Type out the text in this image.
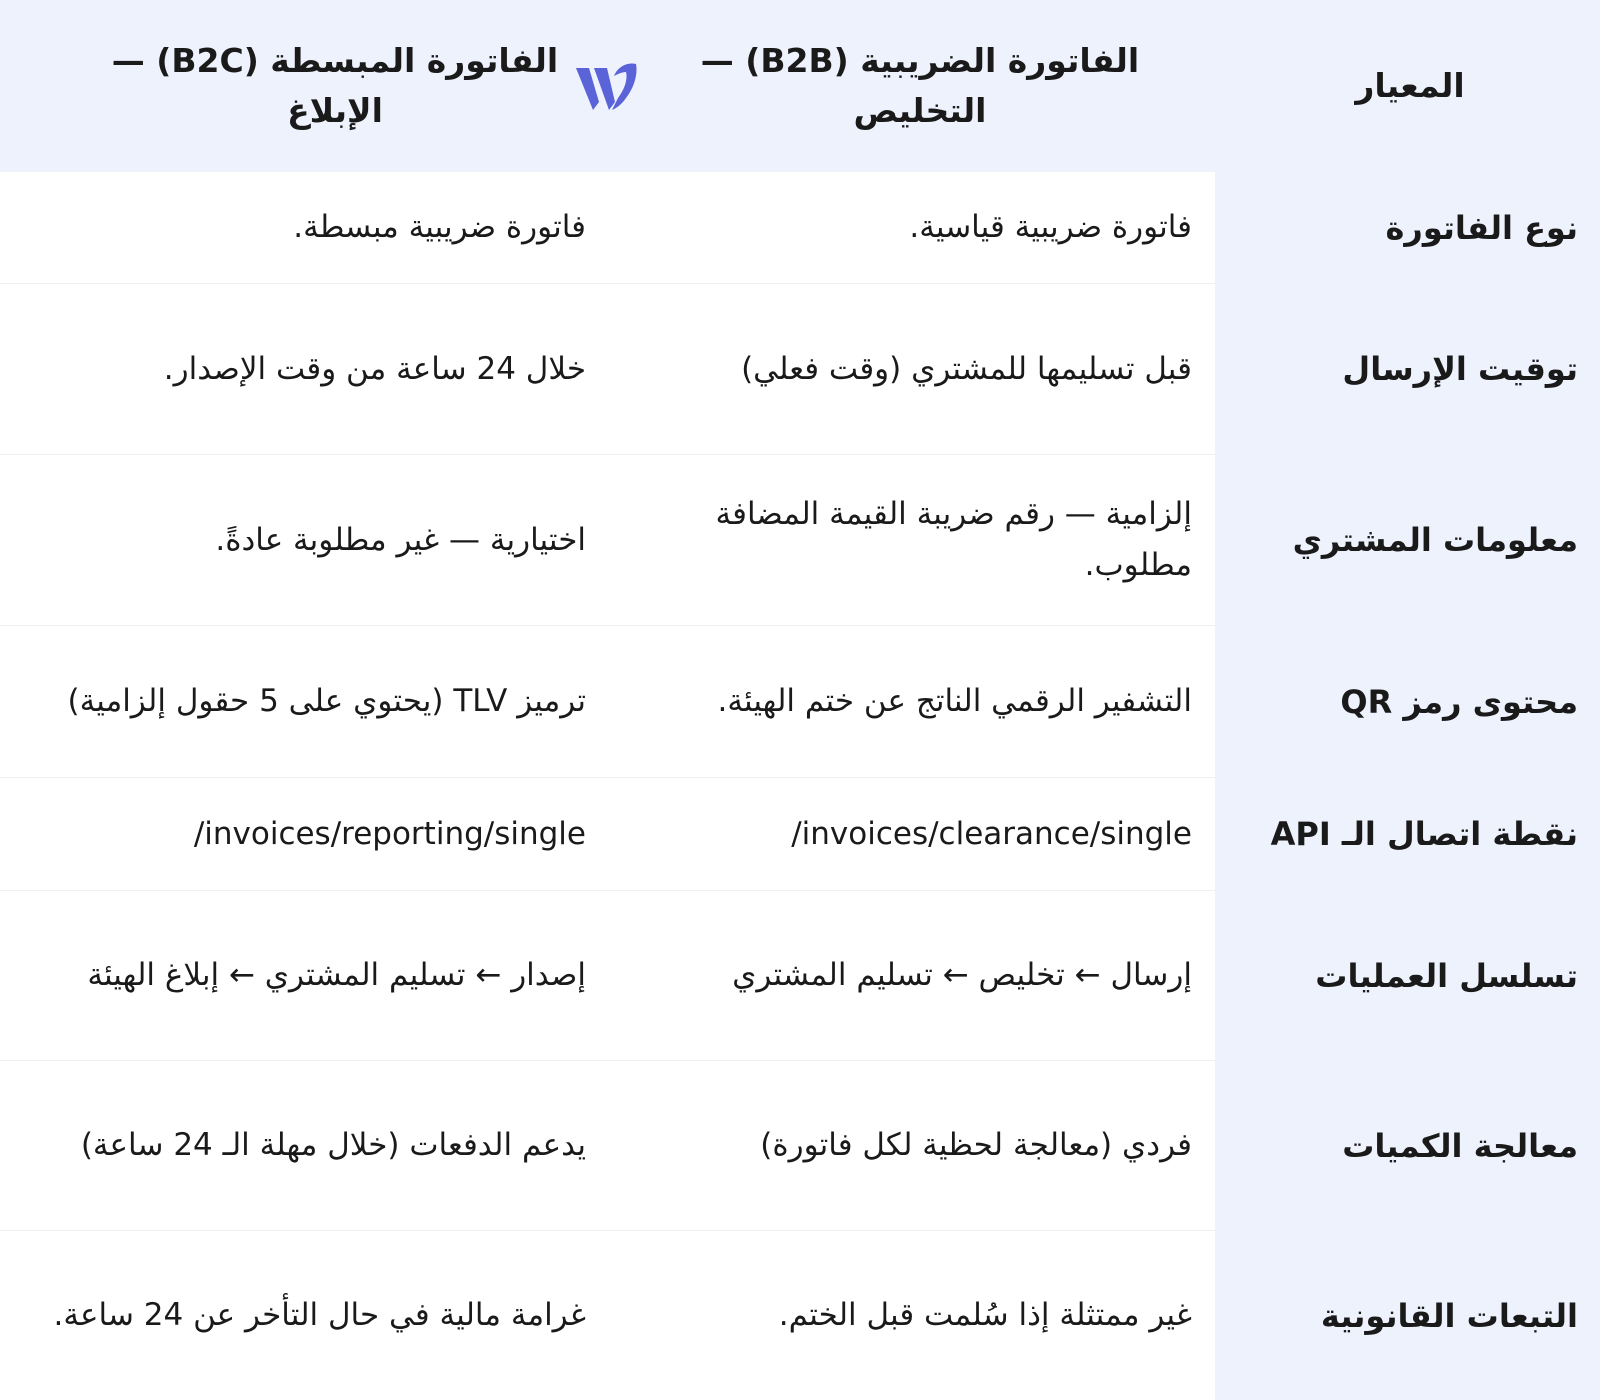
المعيار
الفاتورة الضريبية (B2B) — التخليص
الفاتورة المبسطة (B2C) — الإبلاغ
نوع الفاتورة
فاتورة ضريبية قياسية.
فاتورة ضريبية مبسطة.
توقيت الإرسال
قبل تسليمها للمشتري (وقت فعلي)
خلال 24 ساعة من وقت الإصدار.
معلومات المشتري
إلزامية — رقم ضريبة القيمة المضافة مطلوب.
اختيارية — غير مطلوبة عادةً.
محتوى رمز QR
التشفير الرقمي الناتج عن ختم الهيئة.
ترميز TLV (يحتوي على 5 حقول إلزامية)
نقطة اتصال الـ API
/invoices/clearance/single
/invoices/reporting/single
تسلسل العمليات
إرسال ← تخليص ← تسليم المشتري
إصدار ← تسليم المشتري ← إبلاغ الهيئة
معالجة الكميات
فردي (معالجة لحظية لكل فاتورة)
يدعم الدفعات (خلال مهلة الـ 24 ساعة)
التبعات القانونية
غير ممتثلة إذا سُلمت قبل الختم.
غرامة مالية في حال التأخر عن 24 ساعة.
